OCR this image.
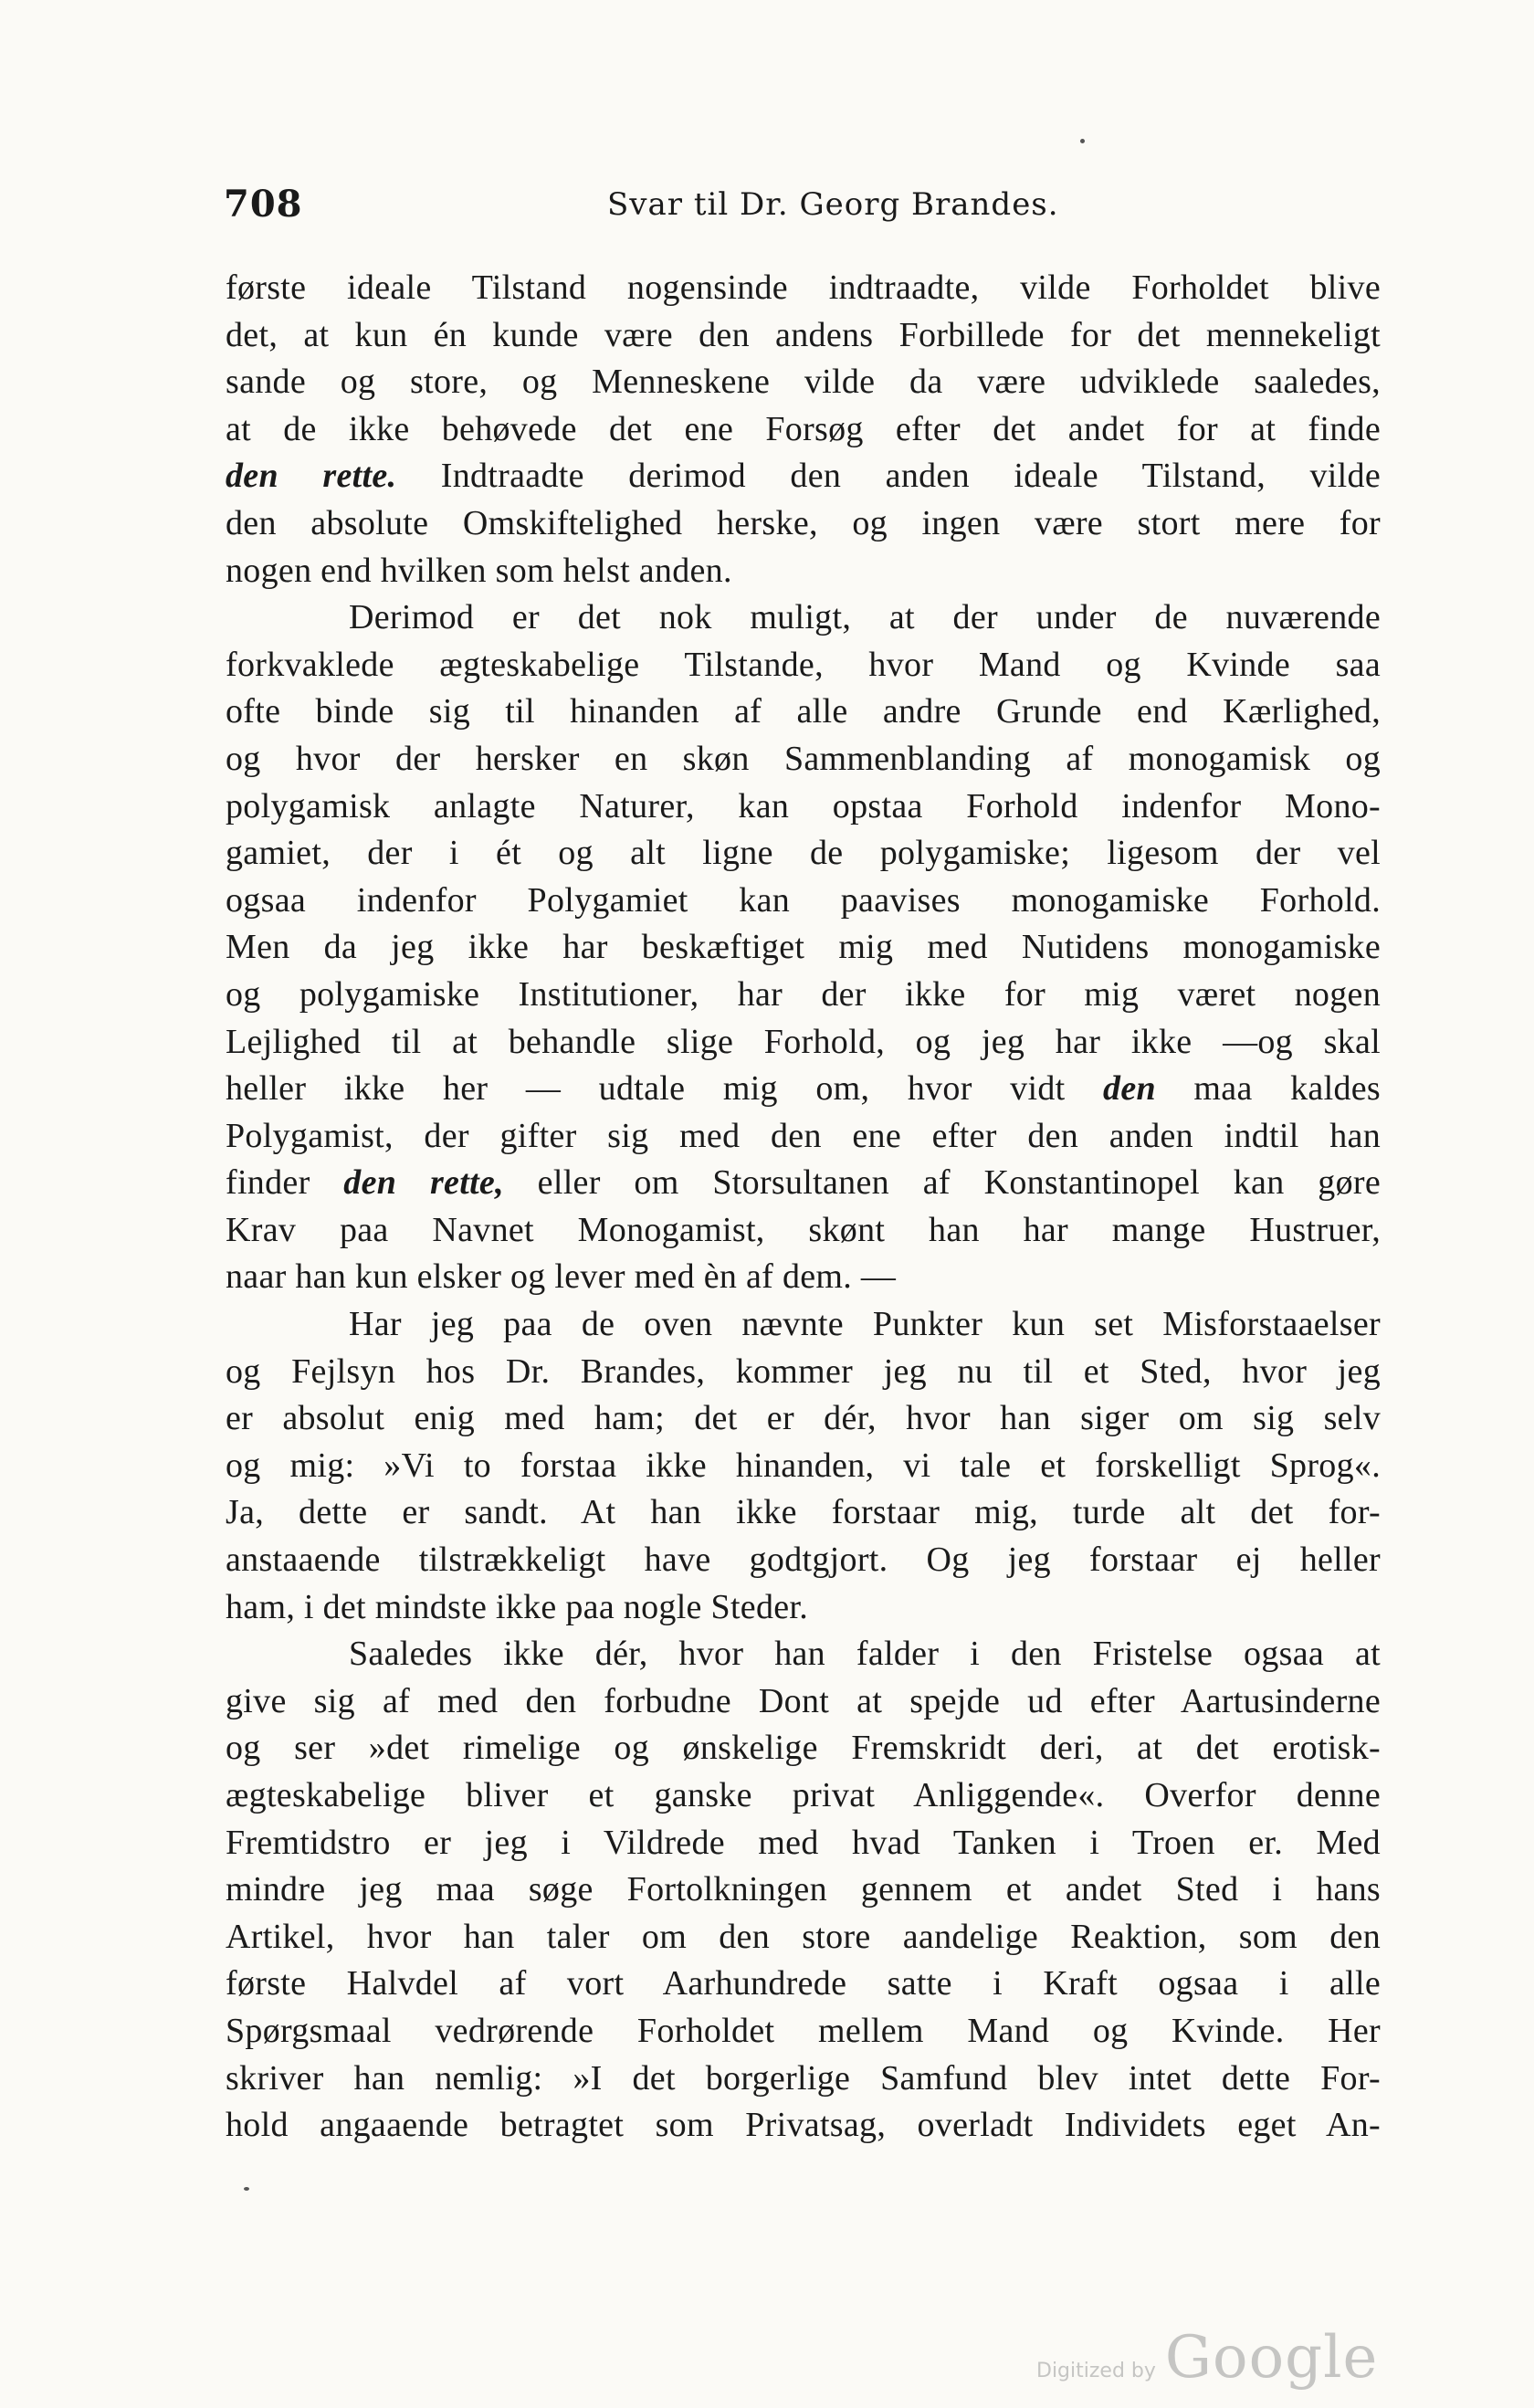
708	Svar til Dr. Georg Brandes.
første ideale Tilstand nogensinde indtraadte, vilde Forholdet blive
det, at kun én kunde være den andens Forbillede for det mennekeligt
sande og store, og Menneskene vilde da være udviklede saaledes,
at de ikke behøvede det ene Forsøg efter det andet for at finde
den rette. Indtraadte derimod den anden ideale Tilstand, vilde
den absolute Omskiftelighed herske, og ingen være stort mere for
nogen end hvilken som helst anden.
Derimod er det nok muligt, at der under de nuværende
forkvaklede ægteskabelige Tilstande, hvor Mand og Kvinde saa
ofte binde sig til hinanden af alle andre Grunde end Kærlighed,
og hvor der hersker en skøn Sammenblanding af monogamisk og
polygamisk anlagte Naturer, kan opstaa Forhold indenfor Mono-
gamiet, der i ét og alt ligne de polygamiske; ligesom der vel
ogsaa indenfor Polygamiet kan paavises monogamiske Forhold.
Men da jeg ikke har beskæftiget mig med Nutidens monogamiske
og polygamiske Institutioner, har der ikke for mig været nogen
Lejlighed til at behandle slige Forhold, og jeg har ikke —og skal
heller ikke her — udtale mig om, hvor vidt den maa kaldes
Polygamist, der gifter sig med den ene efter den anden indtil han
finder den rette, eller om Storsultanen af Konstantinopel kan gøre
Krav paa Navnet Monogamist, skønt han har mange Hustruer,
naar han kun elsker og lever med èn af dem. —
Har jeg paa de oven nævnte Punkter kun set Misforstaaelser
og Fejlsyn hos Dr. Brandes, kommer jeg nu til et Sted, hvor jeg
er absolut enig med ham; det er dér, hvor han siger om sig selv
og mig: »Vi to forstaa ikke hinanden, vi tale et forskelligt Sprog«.
Ja, dette er sandt. At han ikke forstaar mig, turde alt det for-
anstaaende tilstrækkeligt have godtgjort. Og jeg forstaar ej heller
ham, i det mindste ikke paa nogle Steder.
Saaledes ikke dér, hvor han falder i den Fristelse ogsaa at
give sig af med den forbudne Dont at spejde ud efter Aartusinderne
og ser »det rimelige og ønskelige Fremskridt deri, at det erotisk-
ægteskabelige bliver et ganske privat Anliggende«. Overfor denne
Fremtidstro er jeg i Vildrede med hvad Tanken i Troen er. Med
mindre jeg maa søge Fortolkningen gennem et andet Sted i hans
Artikel, hvor han taler om den store aandelige Reaktion, som den
første Halvdel af vort Aarhundrede satte i Kraft ogsaa i alle
Spørgsmaal vedrørende Forholdet mellem Mand og Kvinde. Her
skriver han nemlig: »I det borgerlige Samfund blev intet dette For-
hold angaaende betragtet som Privatsag, overladt Individets eget An-
Digitized by Google
